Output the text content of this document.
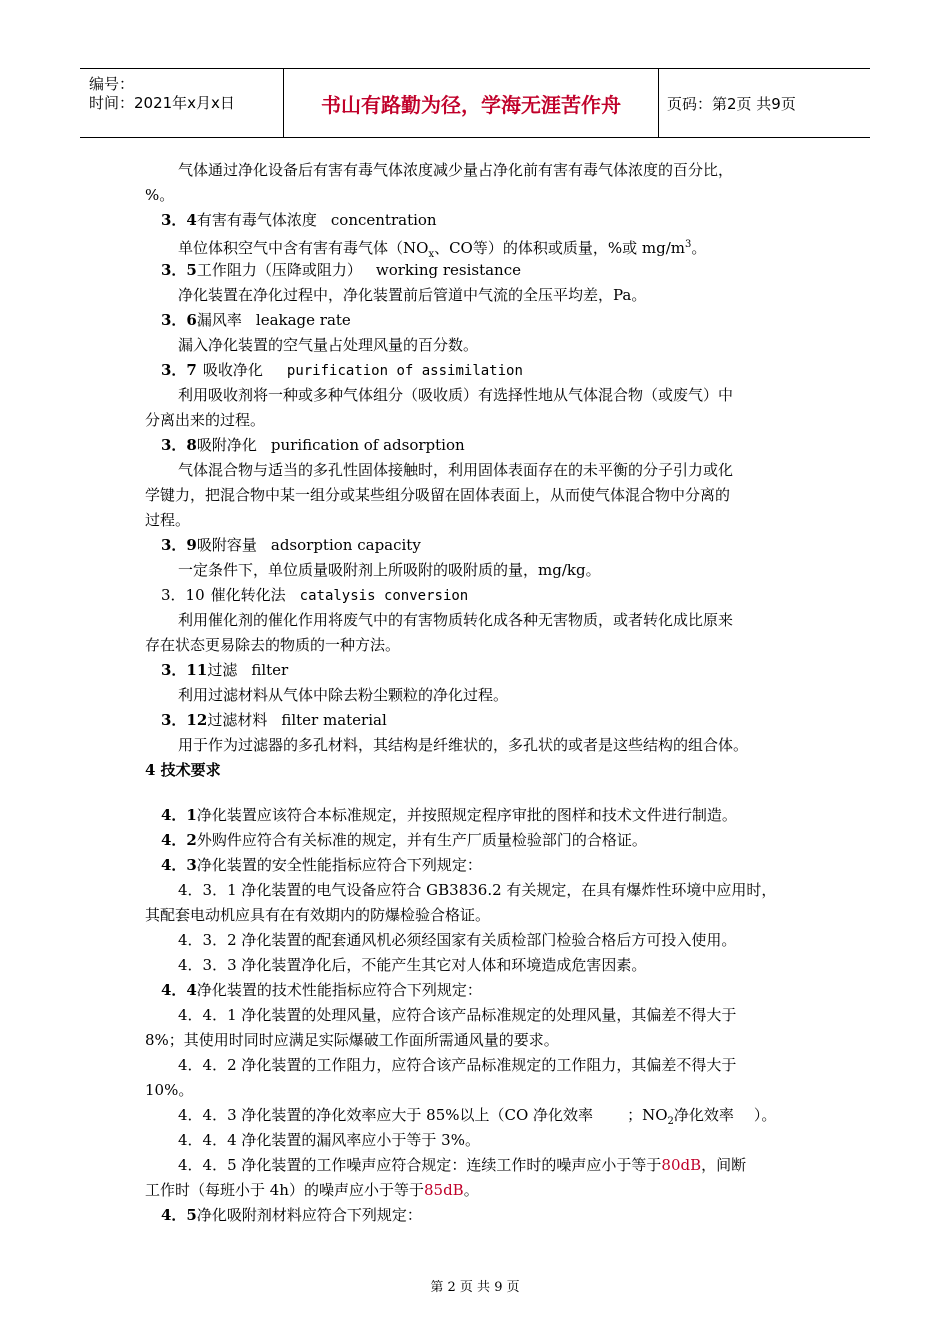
编号：
时间：2021年x月x日	书山有路勤为径，学海无涯苦作舟	页码：第2页 共9页
气体通过净化设备后有害有毒气体浓度减少量占净化前有害有毒气体浓度的百分比，
%。
3．4有害有毒气体浓度 concentration
单位体积空气中含有害有毒气体（$NO_x$、CO等）的体积或质量，%或 $mg/m^3$。
3．5工作阻力（压降或阻力） working resistance
净化装置在净化过程中，净化装置前后管道中气流的全压平均差，Pa。
3．6漏风率 leakage rate
漏入净化装置的空气量占处理风量的百分数。
3．7 吸收净化 purification of assimilation
利用吸收剂将一种或多种气体组分（吸收质）有选择性地从气体混合物（或废气）中
分离出来的过程。
3．8吸附净化 purification of adsorption
气体混合物与适当的多孔性固体接触时，利用固体表面存在的未平衡的分子引力或化
学键力，把混合物中某一组分或某些组分吸留在固体表面上，从而使气体混合物中分离的
过程。
3．9吸附容量 adsorption capacity
一定条件下，单位质量吸附剂上所吸附的吸附质的量，mg/kg。
3．10 催化转化法 catalysis conversion
利用催化剂的催化作用将废气中的有害物质转化成各种无害物质，或者转化成比原来
存在状态更易除去的物质的一种方法。
3．11过滤 filter
利用过滤材料从气体中除去粉尘颗粒的净化过程。
3．12过滤材料 filter material
用于作为过滤器的多孔材料，其结构是纤维状的，多孔状的或者是这些结构的组合体。
4 技术要求
4．1净化装置应该符合本标准规定，并按照规定程序审批的图样和技术文件进行制造。
4．2外购件应符合有关标准的规定，并有生产厂质量检验部门的合格证。
4．3净化装置的安全性能指标应符合下列规定：
4．3．1 净化装置的电气设备应符合 GB3836.2 有关规定，在具有爆炸性环境中应用时，
其配套电动机应具有在有效期内的防爆检验合格证。
4．3．2 净化装置的配套通风机必须经国家有关质检部门检验合格后方可投入使用。
4．3．3 净化装置净化后，不能产生其它对人体和环境造成危害因素。
4．4净化装置的技术性能指标应符合下列规定：
4．4．1 净化装置的处理风量，应符合该产品标准规定的处理风量，其偏差不得大于
8%；其使用时同时应满足实际爆破工作面所需通风量的要求。
4．4．2 净化装置的工作阻力，应符合该产品标准规定的工作阻力，其偏差不得大于
10%。
4．4．3 净化装置的净化效率应大于 85%以上（CO 净化效率 ；$NO_2$净化效率 ）。
4．4．4 净化装置的漏风率应小于等于 3%。
4．4．5 净化装置的工作噪声应符合规定：连续工作时的噪声应小于等于80dB，间断
工作时（每班小于 4h）的噪声应小于等于85dB。
4．5净化吸附剂材料应符合下列规定：
第 2 页 共 9 页
